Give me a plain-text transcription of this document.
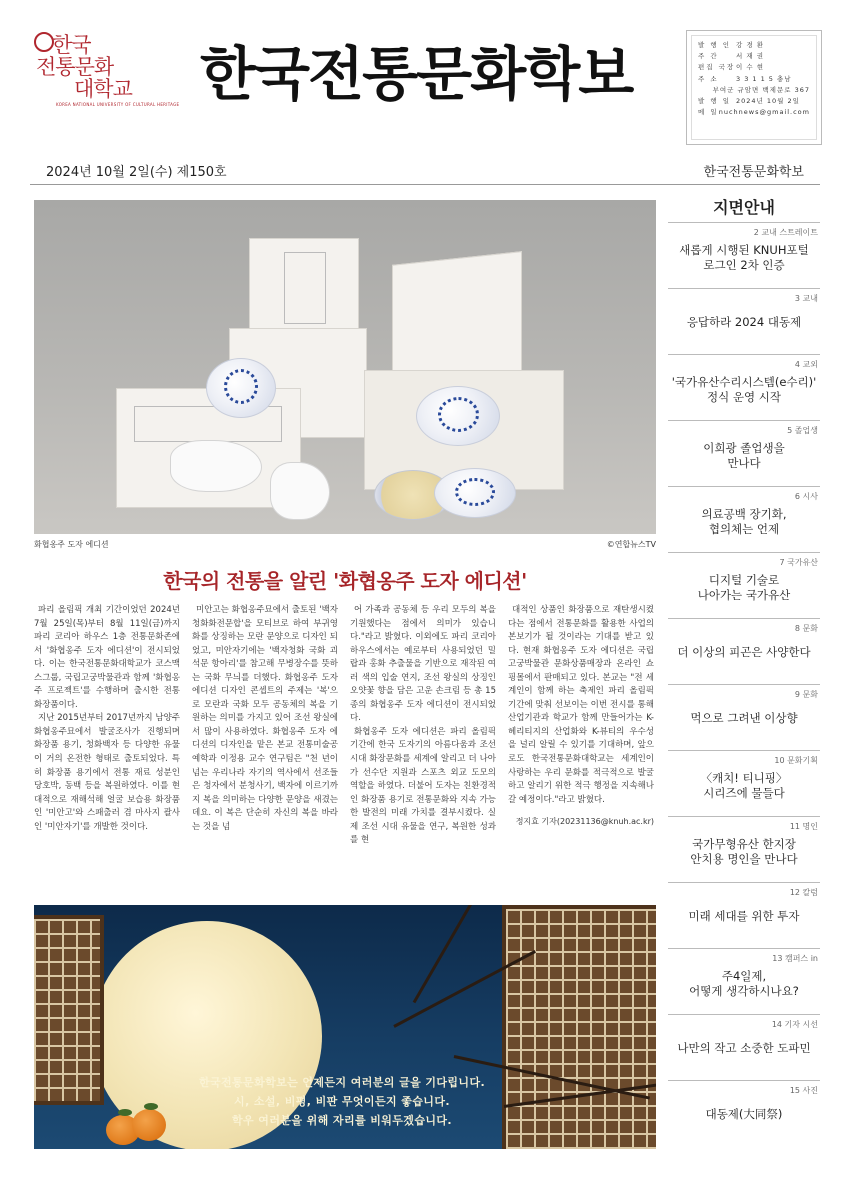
한국
전통문화
대학교
KOREA NATIONAL UNIVERSITY OF CULTURAL HERITAGE 한국전통문화학보	발 행 인 강 경 환
주 간	서 재 권
편집 국장 이 수 현
주 소	3 3 1 1 5 충남
부여군 규암면 백제문로 367
발 행 일 2024년 10월 2일
메 일 nuchnews@gmail.com
2024년 10월 2일(수) 제150호	한국전통문화학보
화협옹주 도자 에디션	©연합뉴스TV
한국의 전통을 알린 '화협옹주 도자 에디션'

파리 올림픽 개최 기간이었던 2024년 7월 25일(목)부터 8월 11일(금)까지 파리 코리아 하우스 1층 전통문화존에서 '화협옹주 도자 에디션'이 전시되었다. 이는 한국전통문화대학교가 코스맥스그룹, 국립고궁박물관과 함께 '화협옹주 프로젝트'를 수행하며 출시한 전통 화장품이다.

지난 2015년부터 2017년까지 남양주 화협옹주묘에서 발굴조사가 진행되며 화장품 용기, 청화백자 등 다양한 유물이 거의 온전한 형태로 출토되었다. 특히 화장품 용기에서 전통 재료 성분인 당호박, 동백 등을 복원하였다. 이를 현대적으로 재해석해 얼굴 보습용 화장품인 '미안고'와 스패출러 겸 마사지 괄사인 '미안자기'를 개발한 것이다.

미안고는 화협옹주묘에서 출토된 '백자청화화전문합'을 모티브로 하여 부귀영화를 상징하는 모란 문양으로 디자인 되었고, 미안자기에는 '백자청화 국화 괴석문 항아리'를 참고해 무병장수를 뜻하는 국화 무늬를 더했다. 화협옹주 도자 에디션 디자인 콘셉트의 주제는 '복'으로 모란과 국화 모두 공동체의 복을 기원하는 의미를 가지고 있어 조선 왕실에서 많이 사용하였다. 화협옹주 도자 에디션의 디자인을 맡은 본교 전통미술공예학과 이정용 교수 연구팀은 "천 년이 넘는 우리나라 자기의 역사에서 선조들은 청자에서 분청사기, 백자에 이르기까지 복을 의미하는 다양한 문양을 새겼는데요. 이 복은 단순히 자신의 복을 바라는 것을 넘

어 가족과 공동체 등 우리 모두의 복을 기원했다는 점에서 의미가 있습니다."라고 밝혔다. 이외에도 파리 코리아 하우스에서는 예로부터 사용되었던 밀랍과 홍화 추출물을 기반으로 재작된 여러 색의 입술 연지, 조선 왕실의 상징인 오얏꽃 향을 담은 고운 손크림 등 총 15종의 화협옹주 도자 에디션이 전시되었다.

화협옹주 도자 에디션은 파리 올림픽 기간에 한국 도자기의 아름다움과 조선시대 화장문화를 세계에 알리고 더 나아가 선수단 지원과 스포츠 외교 도모의 역할을 하였다. 더불어 도자는 친환경적인 화장품 용기로 전통문화와 지속 가능한 발전의 미래 가치를 결부시켰다. 실제 조선 시대 유물을 연구, 복원한 성과를 현

대적인 상품인 화장품으로 재탄생시켰다는 점에서 전통문화를 활용한 사업의 본보기가 될 것이라는 기대를 받고 있다. 현재 화협옹주 도자 에디션은 국립고궁박물관 문화상품매장과 온라인 쇼핑몰에서 판매되고 있다. 본교는 "전 세계인이 함께 하는 축제인 파리 올림픽 기간에 맞춰 선보이는 이번 전시를 통해 산업기관과 학교가 함께 만들어가는 K-헤리티지의 산업화와 K-뷰티의 우수성을 널리 알릴 수 있기를 기대하며, 앞으로도 한국전통문화대학교는 세계인이 사랑하는 우리 문화를 적극적으로 발굴하고 알리기 위한 적극 행정을 지속해나갈 예정이다."라고 밝혔다.

정지효 기자(20231136@knuh.ac.kr)
한국전통문화학보는 언제든지 여러분의 글을 기다립니다.
시, 소설, 비평, 비판 무엇이든지 좋습니다.
학우 여러분을 위해 자리를 비워두겠습니다.
지면안내
2 교내 스트레이트
새롭게 시행된 KNUH포털
로그인 2차 인증
3 교내
응답하라 2024 대동제
4 교외
'국가유산수리시스템(e수리)'
정식 운영 시작
5 졸업생
이희광 졸업생을
만나다
6 시사
의료공백 장기화,
협의체는 언제
7 국가유산
디지털 기술로
나아가는 국가유산
8 문화
더 이상의 피곤은 사양한다
9 문화
먹으로 그려낸 이상향
10 문화기획
〈캐치! 티니핑〉
시리즈에 물들다
11 명인
국가무형유산 한지장
안치용 명인을 만나다
12 칼럼
미래 세대를 위한 투자
13 캠퍼스 in
주4일제,
어떻게 생각하시나요?
14 기자 시선
나만의 작고 소중한 도파민
15 사진
대동제(大同祭)
